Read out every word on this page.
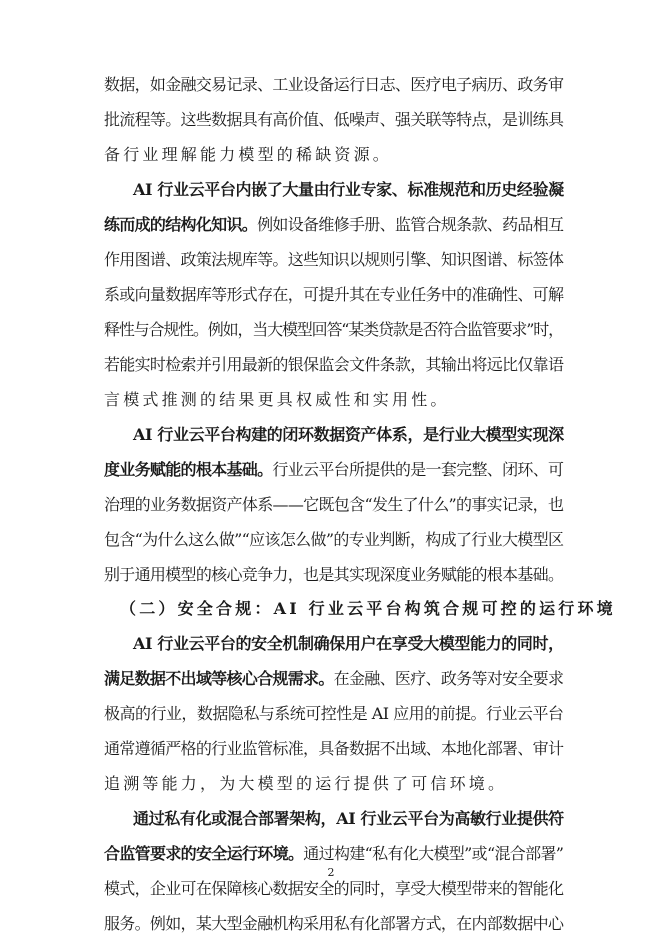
数据，如金融交易记录、工业设备运行日志、医疗电子病历、政务审
批流程等。这些数据具有高价值、低噪声、强关联等特点，是训练具
备行业理解能力模型的稀缺资源。
AI 行业云平台内嵌了大量由行业专家、标准规范和历史经验凝
练而成的结构化知识。例如设备维修手册、监管合规条款、药品相互
作用图谱、政策法规库等。这些知识以规则引擎、知识图谱、标签体
系或向量数据库等形式存在，可提升其在专业任务中的准确性、可解
释性与合规性。例如，当大模型回答“某类贷款是否符合监管要求”时，
若能实时检索并引用最新的银保监会文件条款，其输出将远比仅靠语
言模式推测的结果更具权威性和实用性。
AI 行业云平台构建的闭环数据资产体系，是行业大模型实现深
度业务赋能的根本基础。行业云平台所提供的是一套完整、闭环、可
治理的业务数据资产体系——它既包含“发生了什么”的事实记录，也
包含“为什么这么做”“应该怎么做”的专业判断，构成了行业大模型区
别于通用模型的核心竞争力，也是其实现深度业务赋能的根本基础。
（二）安全合规：AI 行业云平台构筑合规可控的运行环境
AI 行业云平台的安全机制确保用户在享受大模型能力的同时，
满足数据不出域等核心合规需求。在金融、医疗、政务等对安全要求
极高的行业，数据隐私与系统可控性是 AI 应用的前提。行业云平台
通常遵循严格的行业监管标准，具备数据不出域、本地化部署、审计
追溯等能力，为大模型的运行提供了可信环境。
通过私有化或混合部署架构，AI 行业云平台为高敏行业提供符
合监管要求的安全运行环境。通过构建“私有化大模型”或“混合部署”
模式，企业可在保障核心数据安全的同时，享受大模型带来的智能化
服务。例如，某大型金融机构采用私有化部署方式，在内部数据中心
2
